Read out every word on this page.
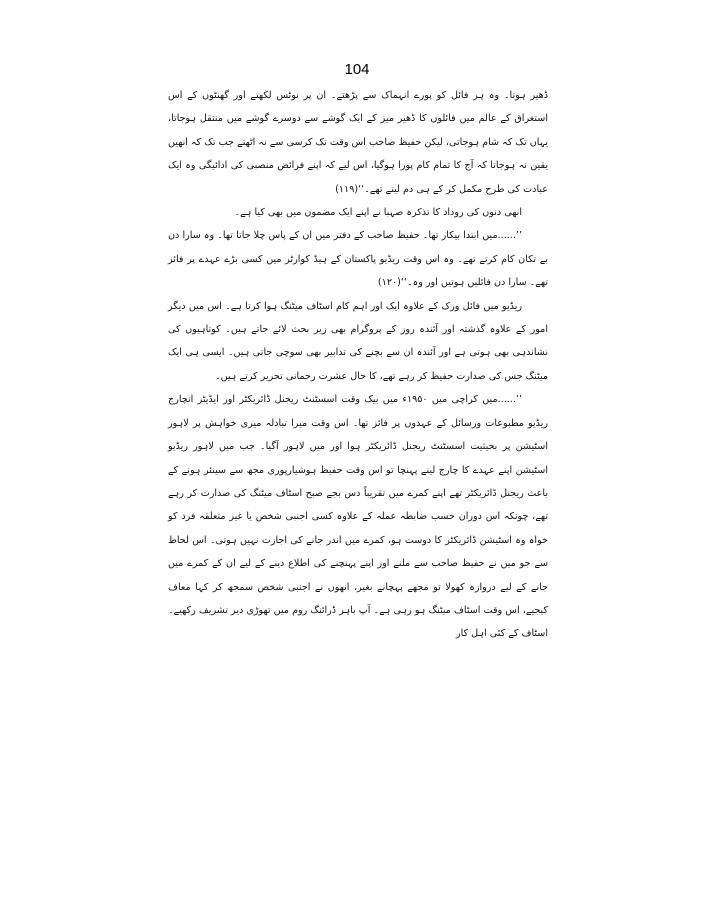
104

ڈھیر ہوتا۔ وہ ہر فائل کو پورے انہماک سے پڑھتے۔ ان پر نوٹس لکھتے اور گھنٹوں کے اس استغراق کے عالم میں فائلوں کا ڈھیر میز کے ایک گوشے سے دوسرے گوشے میں منتقل ہوجاتا، یہاں تک کہ شام ہوجاتی، لیکن حفیظ صاحب اس وقت تک کرسی سے نہ اٹھتے جب تک کہ انھیں یقین نہ ہوجاتا کہ آج کا تمام کام پورا ہوگیا، اس لیے کہ اپنے فرائض منصبی کی ادائیگی وہ ایک عبادت کی طرح مکمل کر کے ہی دم لیتے تھے۔‘‘(۱۱۹)

انھی دنوں کی روداد کا تذکرہ صہبا نے اپنے ایک مضمون میں بھی کیا ہے۔

’’......میں ابتدا بیکار تھا۔ حفیظ صاحب کے دفتر میں ان کے پاس چلا جاتا تھا۔ وہ سارا دن بے تکان کام کرتے تھے۔ وہ اس وقت ریڈیو پاکستان کے ہیڈ کوارٹر میں کسی بڑے عہدے پر فائز تھے۔ سارا دن فائلیں ہوتیں اور وہ۔‘‘(۱۲۰)

ریڈیو میں فائل ورک کے علاوہ ایک اور اہم کام اسٹاف میٹنگ ہوا کرتا ہے۔ اس میں دیگر امور کے علاوہ گذشتہ اور آئندہ روز کے پروگرام بھی زیر بحث لائے جاتے ہیں۔ کوتاہیوں کی نشاندہی بھی ہوتی ہے اور آئندہ ان سے بچنے کی تدابیر بھی سوچی جاتی ہیں۔ ایسی ہی ایک میٹنگ جس کی صدارت حفیظ کر رہے تھے، کا حال عشرت رحمانی تحریر کرتے ہیں۔

’’......میں کراچی میں ۱۹۵۰ء میں بیک وقت اسسٹنٹ ریجنل ڈائریکٹر اور ایڈیٹر انچارج ریڈیو مطبوعات ورسائل کے عہدوں پر فائز تھا۔ اس وقت میرا تبادلہ میری خواہش پر لاہور اسٹیشن پر بحیثیت اسسٹنٹ ریجنل ڈائریکٹر ہوا اور میں لاہور آگیا۔ جب میں لاہور ریڈیو اسٹیشن اپنے عہدے کا چارج لینے پہنچا تو اس وقت حفیظ ہوشیارپوری مجھ سے سینئر ہونے کے باعث ریجنل ڈائریکٹر تھے اپنے کمرے میں تقریباً دس بجے صبح اسٹاف میٹنگ کی صدارت کر رہے تھے، چونکہ اس دوران حسب ضابطہ عملہ کے علاوہ کسی اجنبی شخص یا غیر متعلقہ فرد کو خواہ وہ اسٹیشن ڈائریکٹر کا دوست ہو، کمرے میں اندر جانے کی اجازت نہیں ہوتی۔ اس لحاظ سے جو میں نے حفیظ صاحب سے ملنے اور اپنے پہنچنے کی اطلاع دینے کے لیے ان کے کمرے میں جانے کے لیے دروازہ کھولا تو مجھے پہچانے بغیر، انھوں نے اجنبی شخص سمجھ کر کہا معاف کیجیے، اس وقت اسٹاف میٹنگ ہو رہی ہے۔ آپ باہر ڈرائنگ روم میں تھوڑی دیر تشریف رکھیے۔ اسٹاف کے کئی اہل کار
